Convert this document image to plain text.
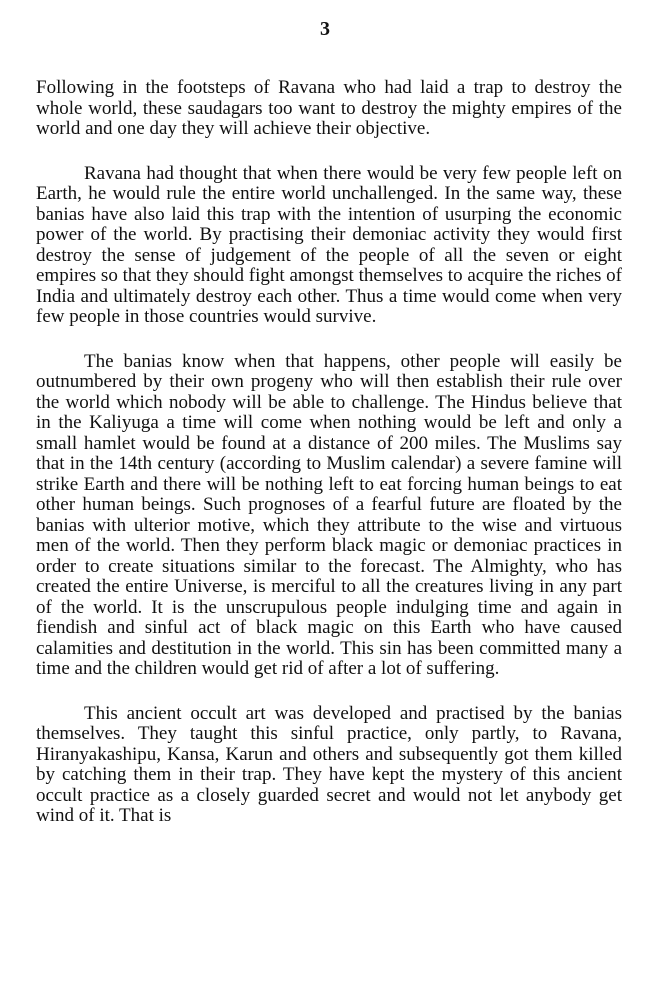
3

Following in the footsteps of Ravana who had laid a trap to destroy the whole world, these saudagars too want to destroy the mighty empires of the world and one day they will achieve their objective.

Ravana had thought that when there would be very few people left on Earth, he would rule the entire world unchallenged. In the same way, these banias have also laid this trap with the intention of usurping the economic power of the world. By practising their demoniac activity they would first destroy the sense of judgement of the people of all the seven or eight empires so that they should fight amongst themselves to acquire the riches of India and ultimately destroy each other. Thus a time would come when very few people in those countries would survive.

The banias know when that happens, other people will easily be outnumbered by their own progeny who will then establish their rule over the world which nobody will be able to challenge. The Hindus believe that in the Kaliyuga a time will come when nothing would be left and only a small hamlet would be found at a distance of 200 miles. The Muslims say that in the 14th century (according to Muslim calendar) a severe famine will strike Earth and there will be nothing left to eat forcing human beings to eat other human beings. Such prognoses of a fearful future are floated by the banias with ulterior motive, which they attribute to the wise and virtuous men of the world. Then they perform black magic or demoniac practices in order to create situations similar to the forecast. The Almighty, who has created the entire Universe, is merciful to all the creatures living in any part of the world. It is the unscrupulous people indulging time and again in fiendish and sinful act of black magic on this Earth who have caused calamities and destitution in the world. This sin has been committed many a time and the children would get rid of after a lot of suffering.

This ancient occult art was developed and practised by the banias themselves. They taught this sinful practice, only partly, to Ravana, Hiranyakashipu, Kansa, Karun and others and subsequently got them killed by catching them in their trap. They have kept the mystery of this ancient occult practice as a closely guarded secret and would not let anybody get wind of it. That is
